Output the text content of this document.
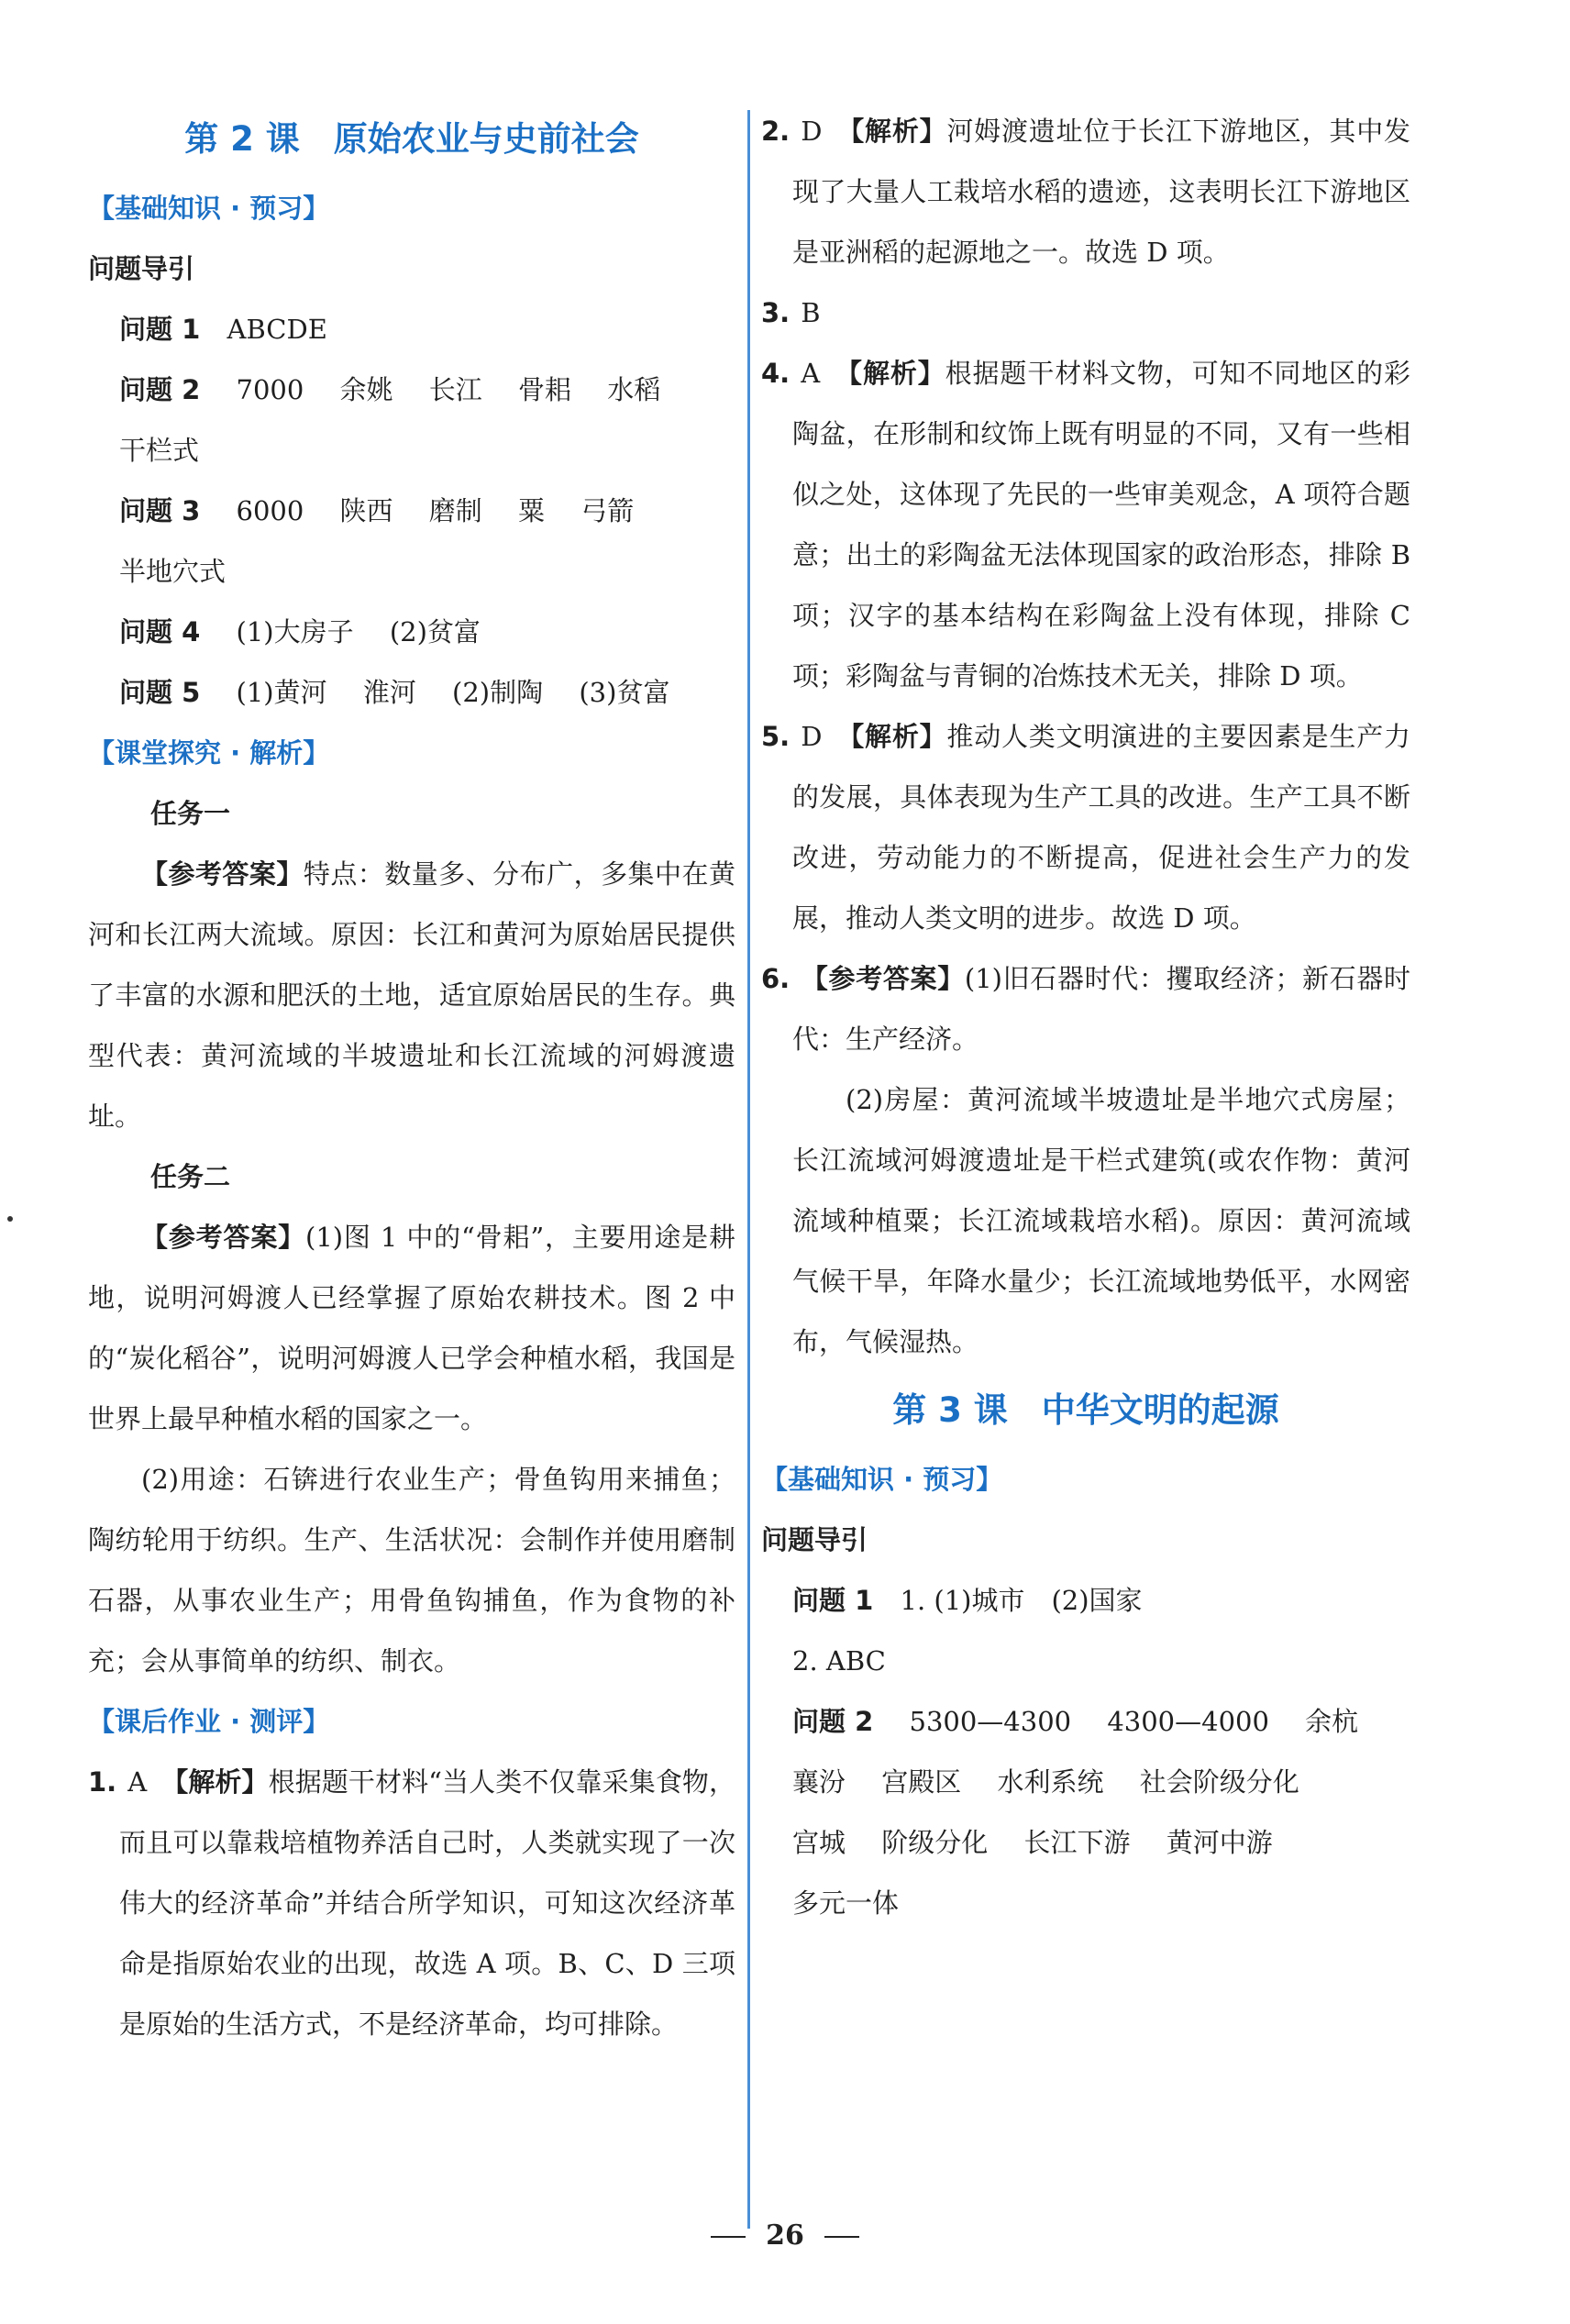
第 2 课　原始农业与史前社会
【基础知识 · 预习】
问题导引
问题 1 ABCDE
问题 2 7000 余姚 长江 骨耜 水稻
干栏式
问题 3 6000 陕西 磨制 粟 弓箭
半地穴式
问题 4 (1)大房子 (2)贫富
问题 5 (1)黄河 淮河 (2)制陶 (3)贫富
【课堂探究 · 解析】
任务一

【参考答案】特点：数量多、分布广，多集中在黄河和长江两大流域。原因：长江和黄河为原始居民提供了丰富的水源和肥沃的土地，适宜原始居民的生存。典型代表：黄河流域的半坡遗址和长江流域的河姆渡遗址。

任务二

【参考答案】(1)图 1 中的“骨耜”，主要用途是耕地，说明河姆渡人已经掌握了原始农耕技术。图 2 中的“炭化稻谷”，说明河姆渡人已学会种植水稻，我国是世界上最早种植水稻的国家之一。

(2)用途：石锛进行农业生产；骨鱼钩用来捕鱼；陶纺轮用于纺织。生产、生活状况：会制作并使用磨制石器，从事农业生产；用骨鱼钩捕鱼，作为食物的补充；会从事简单的纺织、制衣。

【课后作业 · 测评】

1. A 【解析】根据题干材料“当人类不仅靠采集食物，而且可以靠栽培植物养活自己时，人类就实现了一次伟大的经济革命”并结合所学知识，可知这次经济革命是指原始农业的出现，故选 A 项。B、C、D 三项是原始的生活方式，不是经济革命，均可排除。

2. D 【解析】河姆渡遗址位于长江下游地区，其中发现了大量人工栽培水稻的遗迹，这表明长江下游地区是亚洲稻的起源地之一。故选 D 项。

3. B

4. A 【解析】根据题干材料文物，可知不同地区的彩陶盆，在形制和纹饰上既有明显的不同，又有一些相似之处，这体现了先民的一些审美观念，A 项符合题意；出土的彩陶盆无法体现国家的政治形态，排除 B 项；汉字的基本结构在彩陶盆上没有体现，排除 C 项；彩陶盆与青铜的冶炼技术无关，排除 D 项。

5. D 【解析】推动人类文明演进的主要因素是生产力的发展，具体表现为生产工具的改进。生产工具不断改进，劳动能力的不断提高，促进社会生产力的发展，推动人类文明的进步。故选 D 项。

6. 【参考答案】(1)旧石器时代：攫取经济；新石器时代：生产经济。

(2)房屋：黄河流域半坡遗址是半地穴式房屋；长江流域河姆渡遗址是干栏式建筑(或农作物：黄河流域种植粟；长江流域栽培水稻)。原因：黄河流域气候干旱，年降水量少；长江流域地势低平，水网密布，气候湿热。

第 3 课　中华文明的起源
【基础知识 · 预习】
问题导引
问题 1 1. (1)城市　(2)国家
2. ABC
问题 2 5300—4300 4300—4000 余杭
襄汾 宫殿区 水利系统 社会阶级分化
宫城 阶级分化 长江下游 黄河中游
多元一体
26
